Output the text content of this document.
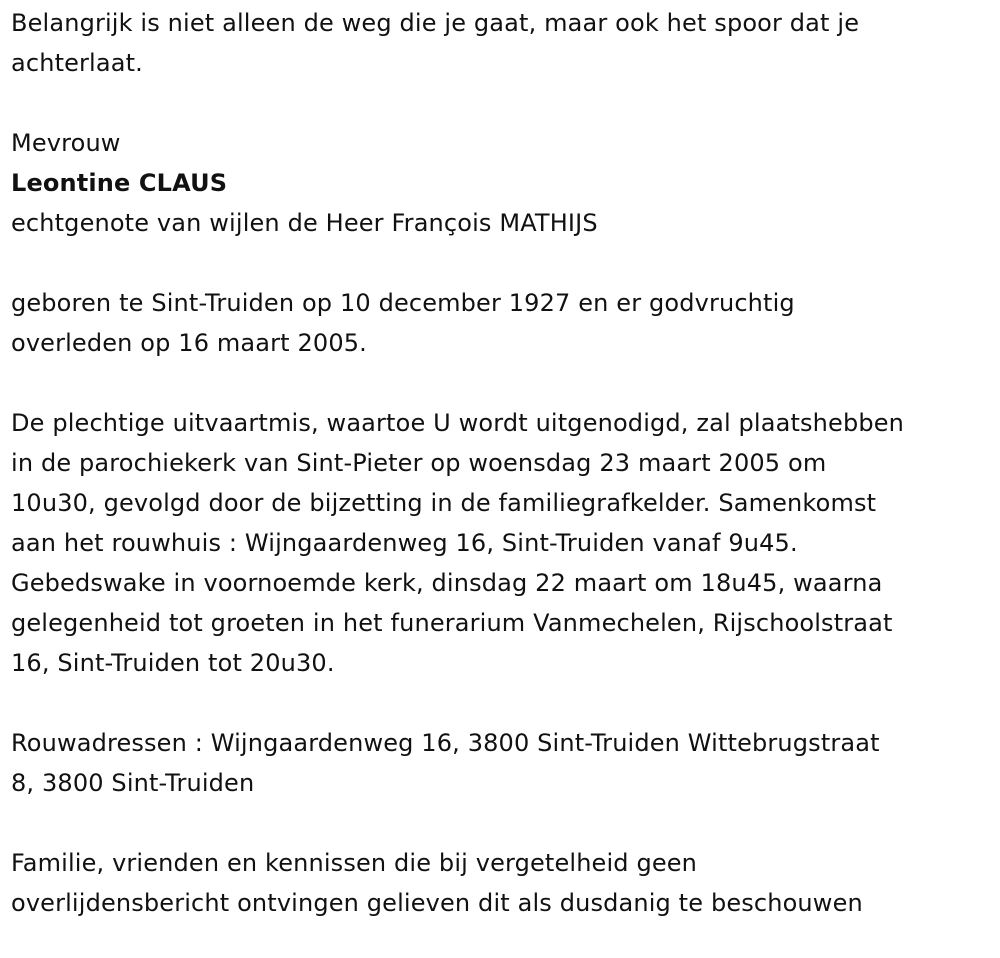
Belangrijk is niet alleen de weg die je gaat, maar ook het spoor dat je
achterlaat.
Mevrouw
Leontine CLAUS
echtgenote van wijlen de Heer François MATHIJS
geboren te Sint-Truiden op 10 december 1927 en er godvruchtig
overleden op 16 maart 2005.
De plechtige uitvaartmis, waartoe U wordt uitgenodigd, zal plaatshebben
in de parochiekerk van Sint-Pieter op woensdag 23 maart 2005 om
10u30, gevolgd door de bijzetting in de familiegrafkelder. Samenkomst
aan het rouwhuis : Wijngaardenweg 16, Sint-Truiden vanaf 9u45.
Gebedswake in voornoemde kerk, dinsdag 22 maart om 18u45, waarna
gelegenheid tot groeten in het funerarium Vanmechelen, Rijschoolstraat
16, Sint-Truiden tot 20u30.
Rouwadressen : Wijngaardenweg 16, 3800 Sint-Truiden Wittebrugstraat
8, 3800 Sint-Truiden
Familie, vrienden en kennissen die bij vergetelheid geen
overlijdensbericht ontvingen gelieven dit als dusdanig te beschouwen
